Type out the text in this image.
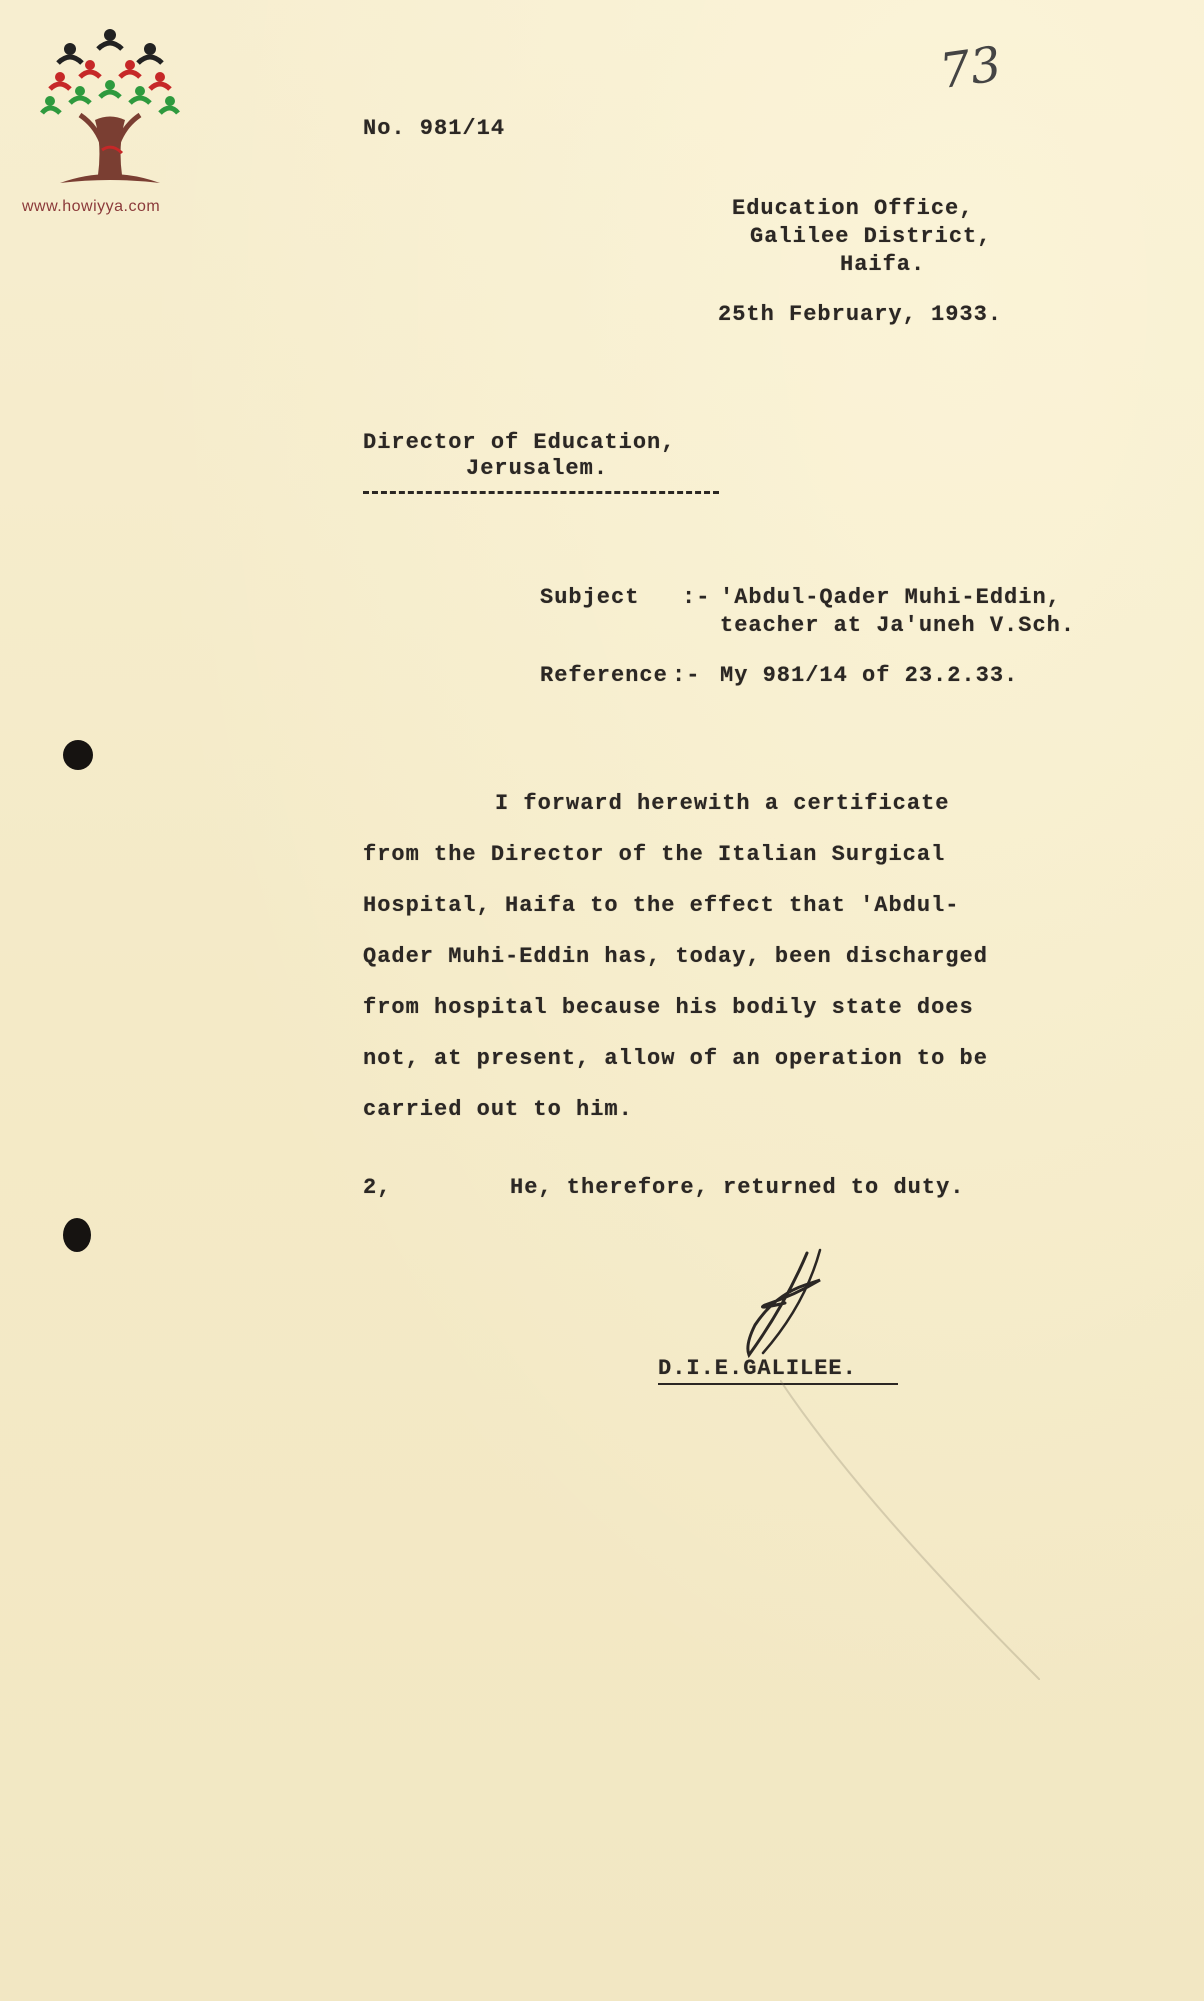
www.howiyya.com
73
No. 981/14
Education Office,
Galilee District,
Haifa.
25th February, 1933.
Director of Education,
Jerusalem.
Subject :- 'Abdul-Qader Muhi-Eddin,
teacher at Ja'uneh V.Sch.
Reference :- My 981/14 of 23.2.33.
I forward herewith a certificate
from the Director of the Italian Surgical
Hospital, Haifa to the effect that 'Abdul-
Qader Muhi-Eddin has, today, been discharged
from hospital because his bodily state does
not, at present, allow of an operation to be
carried out to him.
2,	He, therefore, returned to duty.
D.I.E.GALILEE.
